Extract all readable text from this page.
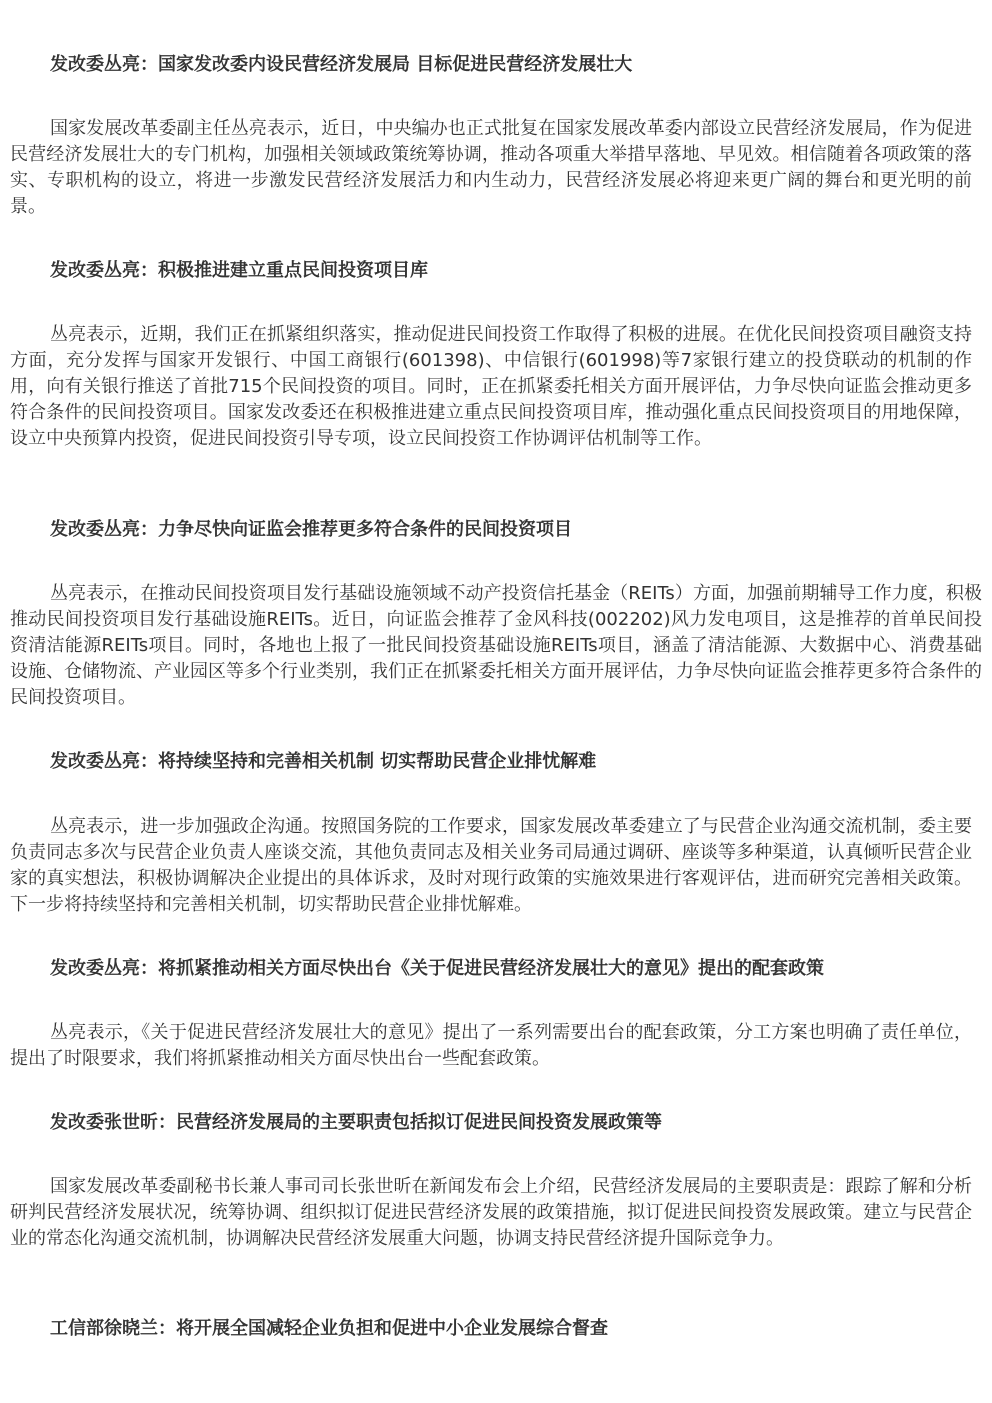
发改委丛亮：国家发改委内设民营经济发展局 目标促进民营经济发展壮大

国家发展改革委副主任丛亮表示，近日，中央编办也正式批复在国家发展改革委内部设立民营经济发展局，作为促进民营经济发展壮大的专门机构，加强相关领域政策统筹协调，推动各项重大举措早落地、早见效。相信随着各项政策的落实、专职机构的设立，将进一步激发民营经济发展活力和内生动力，民营经济发展必将迎来更广阔的舞台和更光明的前景。

发改委丛亮：积极推进建立重点民间投资项目库

丛亮表示，近期，我们正在抓紧组织落实，推动促进民间投资工作取得了积极的进展。在优化民间投资项目融资支持方面，充分发挥与国家开发银行、中国工商银行(601398)、中信银行(601998)等7家银行建立的投贷联动的机制的作用，向有关银行推送了首批715个民间投资的项目。同时，正在抓紧委托相关方面开展评估，力争尽快向证监会推动更多符合条件的民间投资项目。国家发改委还在积极推进建立重点民间投资项目库，推动强化重点民间投资项目的用地保障，设立中央预算内投资，促进民间投资引导专项，设立民间投资工作协调评估机制等工作。

发改委丛亮：力争尽快向证监会推荐更多符合条件的民间投资项目

丛亮表示，在推动民间投资项目发行基础设施领域不动产投资信托基金（REITs）方面，加强前期辅导工作力度，积极推动民间投资项目发行基础设施REITs。近日，向证监会推荐了金风科技(002202)风力发电项目，这是推荐的首单民间投资清洁能源REITs项目。同时，各地也上报了一批民间投资基础设施REITs项目，涵盖了清洁能源、大数据中心、消费基础设施、仓储物流、产业园区等多个行业类别，我们正在抓紧委托相关方面开展评估，力争尽快向证监会推荐更多符合条件的民间投资项目。

发改委丛亮：将持续坚持和完善相关机制 切实帮助民营企业排忧解难

丛亮表示，进一步加强政企沟通。按照国务院的工作要求，国家发展改革委建立了与民营企业沟通交流机制，委主要负责同志多次与民营企业负责人座谈交流，其他负责同志及相关业务司局通过调研、座谈等多种渠道，认真倾听民营企业家的真实想法，积极协调解决企业提出的具体诉求，及时对现行政策的实施效果进行客观评估，进而研究完善相关政策。下一步将持续坚持和完善相关机制，切实帮助民营企业排忧解难。

发改委丛亮：将抓紧推动相关方面尽快出台《关于促进民营经济发展壮大的意见》提出的配套政策

丛亮表示，《关于促进民营经济发展壮大的意见》提出了一系列需要出台的配套政策，分工方案也明确了责任单位，提出了时限要求，我们将抓紧推动相关方面尽快出台一些配套政策。

发改委张世昕：民营经济发展局的主要职责包括拟订促进民间投资发展政策等

国家发展改革委副秘书长兼人事司司长张世昕在新闻发布会上介绍，民营经济发展局的主要职责是：跟踪了解和分析研判民营经济发展状况，统筹协调、组织拟订促进民营经济发展的政策措施，拟订促进民间投资发展政策。建立与民营企业的常态化沟通交流机制，协调解决民营经济发展重大问题，协调支持民营经济提升国际竞争力。

工信部徐晓兰：将开展全国减轻企业负担和促进中小企业发展综合督查
